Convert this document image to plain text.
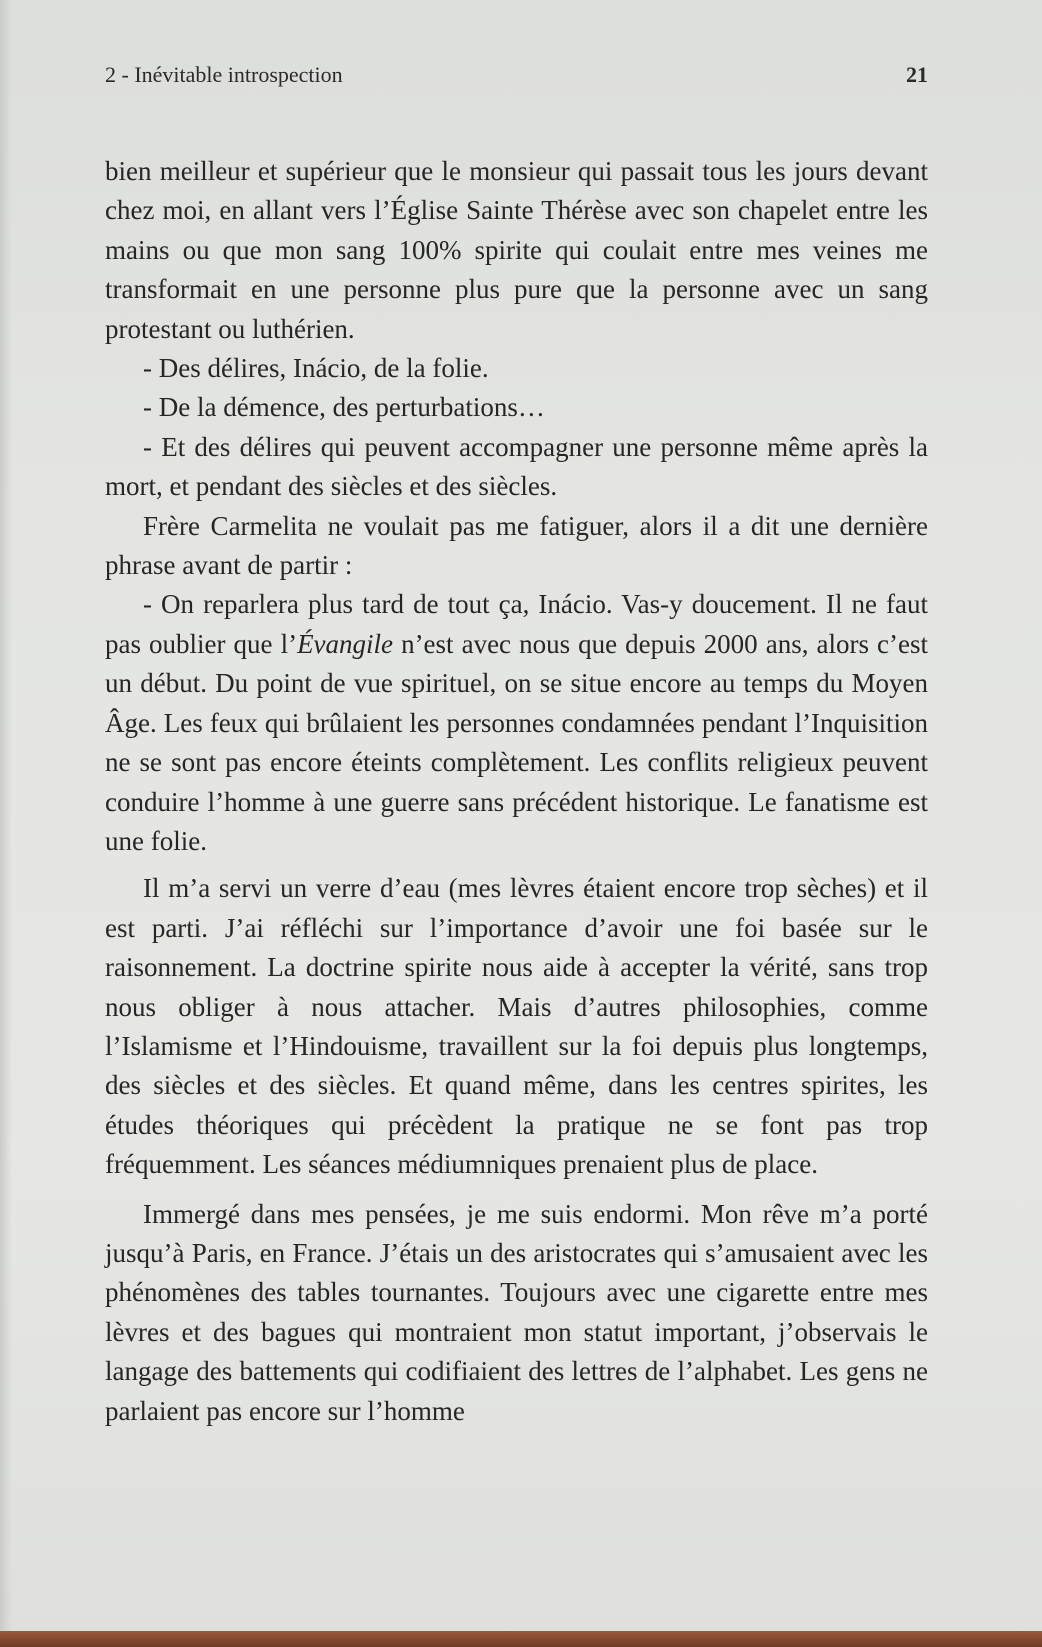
2 - Inévitable introspection	21

bien meilleur et supérieur que le monsieur qui passait tous les jours devant chez moi, en allant vers l’Église Sainte Thérèse avec son chapelet entre les mains ou que mon sang 100% spirite qui coulait entre mes veines me transformait en une personne plus pure que la personne avec un sang protestant ou luthérien.

- Des délires, Inácio, de la folie.

- De la démence, des perturbations…

- Et des délires qui peuvent accompagner une personne même après la mort, et pendant des siècles et des siècles.

Frère Carmelita ne voulait pas me fatiguer, alors il a dit une dernière phrase avant de partir :

- On reparlera plus tard de tout ça, Inácio. Vas-y doucement. Il ne faut pas oublier que l’Évangile n’est avec nous que depuis 2000 ans, alors c’est un début. Du point de vue spirituel, on se situe encore au temps du Moyen Âge. Les feux qui brûlaient les personnes condamnées pendant l’Inquisition ne se sont pas encore éteints complètement. Les conflits religieux peuvent conduire l’homme à une guerre sans précédent historique. Le fanatisme est une folie.

Il m’a servi un verre d’eau (mes lèvres étaient encore trop sèches) et il est parti. J’ai réfléchi sur l’importance d’avoir une foi basée sur le raisonnement. La doctrine spirite nous aide à accepter la vérité, sans trop nous obliger à nous attacher. Mais d’autres philosophies, comme l’Islamisme et l’Hindouisme, travaillent sur la foi depuis plus longtemps, des siècles et des siècles. Et quand même, dans les centres spirites, les études théoriques qui précèdent la pratique ne se font pas trop fréquemment. Les séances médiumniques prenaient plus de place.

Immergé dans mes pensées, je me suis endormi. Mon rêve m’a porté jusqu’à Paris, en France. J’étais un des aristocrates qui s’amusaient avec les phénomènes des tables tournantes. Toujours avec une cigarette entre mes lèvres et des bagues qui montraient mon statut important, j’observais le langage des battements qui codifiaient des lettres de l’alphabet. Les gens ne parlaient pas encore sur l’homme
